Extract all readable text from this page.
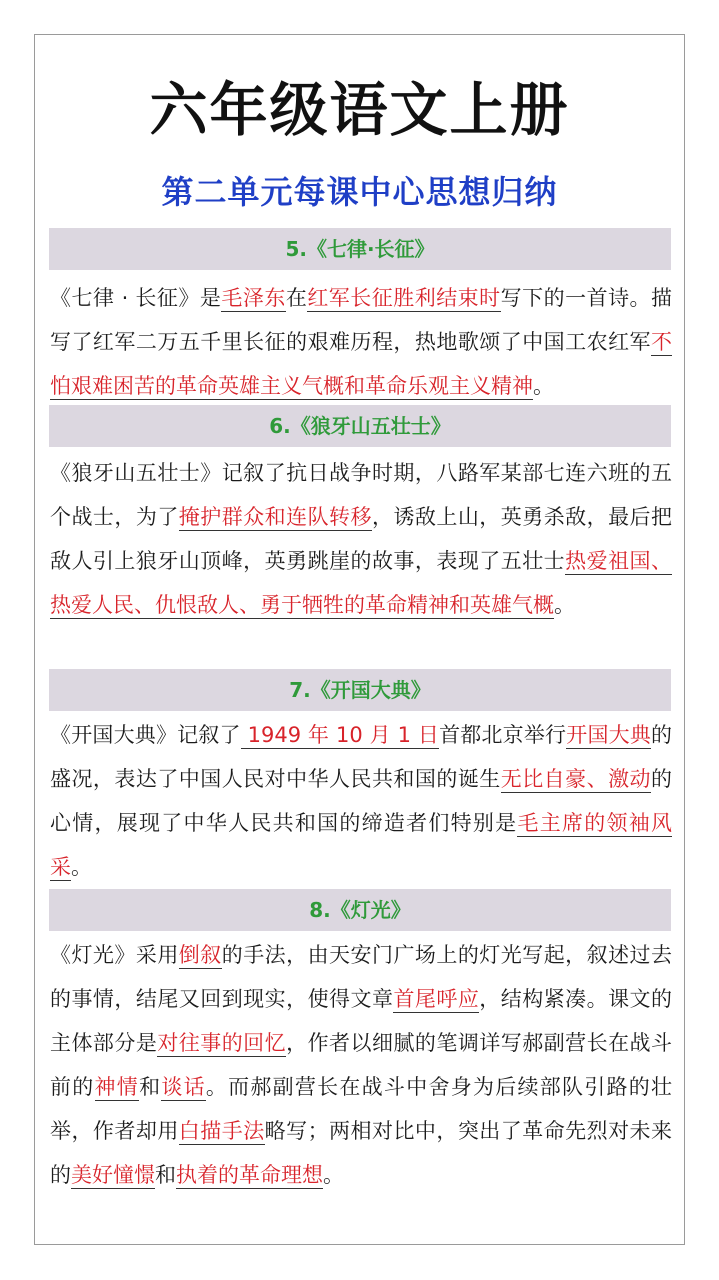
六年级语文上册
第二单元每课中心思想归纳
5.《七律·长征》
《七律 · 长征》是毛泽东在红军长征胜利结束时写下的一首诗。描写了红军二万五千里长征的艰难历程，热地歌颂了中国工农红军不怕艰难困苦的革命英雄主义气概和革命乐观主义精神。
6.《狼牙山五壮士》
《狼牙山五壮士》记叙了抗日战争时期，八路军某部七连六班的五个战士，为了掩护群众和连队转移，诱敌上山，英勇杀敌，最后把敌人引上狼牙山顶峰，英勇跳崖的故事，表现了五壮士热爱祖国、热爱人民、仇恨敌人、勇于牺牲的革命精神和英雄气概。
7.《开国大典》
《开国大典》记叙了 1949 年 10 月 1 日首都北京举行开国大典的盛况，表达了中国人民对中华人民共和国的诞生无比自豪、激动的心情，展现了中华人民共和国的缔造者们特别是毛主席的领袖风采。
8.《灯光》
《灯光》采用倒叙的手法，由天安门广场上的灯光写起，叙述过去的事情，结尾又回到现实，使得文章首尾呼应，结构紧凑。课文的主体部分是对往事的回忆，作者以细腻的笔调详写郝副营长在战斗前的神情和谈话。而郝副营长在战斗中舍身为后续部队引路的壮举，作者却用白描手法略写；两相对比中，突出了革命先烈对未来的美好憧憬和执着的革命理想。
